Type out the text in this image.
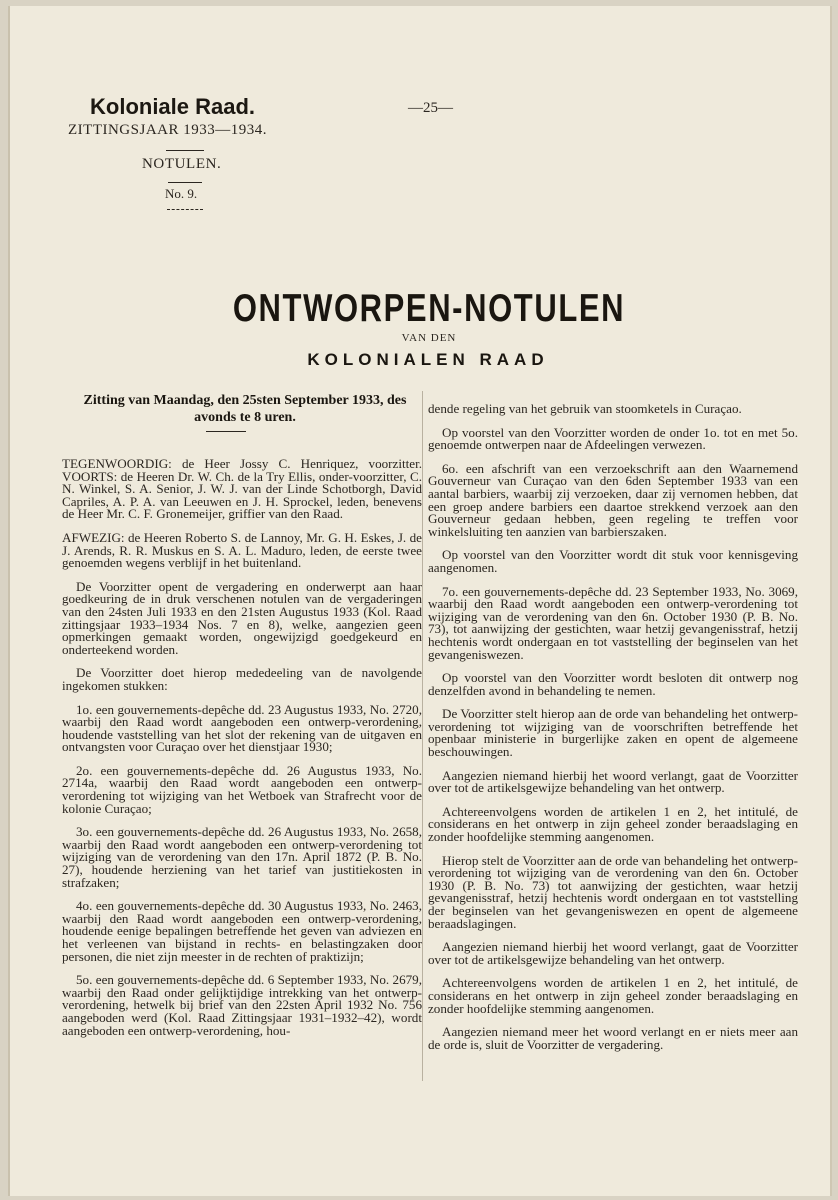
Koloniale Raad.

ZITTINGSJAAR 1933—1934.

—25—

NOTULEN.

No. 9.

ONTWORPEN-NOTULEN

VAN DEN

KOLONIALEN RAAD

Zitting van Maandag, den 25sten September 1933, des avonds te 8 uren.

TEGENWOORDIG: de Heer Jossy C. Henriquez, voorzitter. VOORTS: de Heeren Dr. W. Ch. de la Try Ellis, onder-voorzitter, C. N. Winkel, S. A. Senior, J. W. J. van der Linde Schotborgh, David Capriles, A. P. A. van Leeuwen en J. H. Sprockel, leden, benevens de Heer Mr. C. F. Gronemeijer, griffier van den Raad.

AFWEZIG: de Heeren Roberto S. de Lannoy, Mr. G. H. Eskes, J. de J. Arends, R. R. Muskus en S. A. L. Maduro, leden, de eerste twee genoemden wegens verblijf in het buitenland.

De Voorzitter opent de vergadering en onderwerpt aan haar goedkeuring de in druk verschenen notulen van de vergaderingen van den 24sten Juli 1933 en den 21sten Augustus 1933 (Kol. Raad zittingsjaar 1933–1934 Nos. 7 en 8), welke, aangezien geen opmerkingen gemaakt worden, ongewijzigd goedgekeurd en onderteekend worden.

De Voorzitter doet hierop mededeeling van de navolgende ingekomen stukken:

1o. een gouvernements-depêche dd. 23 Augustus 1933, No. 2720, waarbij den Raad wordt aangeboden een ontwerp-verordening, houdende vaststelling van het slot der rekening van de uitgaven en ontvangsten voor Curaçao over het dienstjaar 1930;

2o. een gouvernements-depêche dd. 26 Augustus 1933, No. 2714a, waarbij den Raad wordt aangeboden een ontwerp-verordening tot wijziging van het Wetboek van Strafrecht voor de kolonie Curaçao;

3o. een gouvernements-depêche dd. 26 Augustus 1933, No. 2658, waarbij den Raad wordt aangeboden een ontwerp-verordening tot wijziging van de verordening van den 17n. April 1872 (P. B. No. 27), houdende herziening van het tarief van justitiekosten in strafzaken;

4o. een gouvernements-depêche dd. 30 Augustus 1933, No. 2463, waarbij den Raad wordt aangeboden een ontwerp-verordening, houdende eenige bepalingen betreffende het geven van adviezen en het verleenen van bijstand in rechts- en belastingzaken door personen, die niet zijn meester in de rechten of praktizijn;

5o. een gouvernements-depêche dd. 6 September 1933, No. 2679, waarbij den Raad onder gelijktijdige intrekking van het ontwerp-verordening, hetwelk bij brief van den 22sten April 1932 No. 756 aangeboden werd (Kol. Raad Zittingsjaar 1931–1932–42), wordt aangeboden een ontwerp-verordening, hou-

dende regeling van het gebruik van stoomketels in Curaçao.

Op voorstel van den Voorzitter worden de onder 1o. tot en met 5o. genoemde ontwerpen naar de Afdeelingen verwezen.

6o. een afschrift van een verzoekschrift aan den Waarnemend Gouverneur van Curaçao van den 6den September 1933 van een aantal barbiers, waarbij zij verzoeken, daar zij vernomen hebben, dat een groep andere barbiers een daartoe strekkend verzoek aan den Gouverneur gedaan hebben, geen regeling te treffen voor winkelsluiting ten aanzien van barbierszaken.

Op voorstel van den Voorzitter wordt dit stuk voor kennisgeving aangenomen.

7o. een gouvernements-depêche dd. 23 September 1933, No. 3069, waarbij den Raad wordt aangeboden een ontwerp-verordening tot wijziging van de verordening van den 6n. October 1930 (P. B. No. 73), tot aanwijzing der gestichten, waar hetzij gevangenisstraf, hetzij hechtenis wordt ondergaan en tot vaststelling der beginselen van het gevangeniswezen.

Op voorstel van den Voorzitter wordt besloten dit ontwerp nog denzelfden avond in behandeling te nemen.

De Voorzitter stelt hierop aan de orde van behandeling het ontwerp-verordening tot wijziging van de voorschriften betreffende het openbaar ministerie in burgerlijke zaken en opent de algemeene beschouwingen.

Aangezien niemand hierbij het woord verlangt, gaat de Voorzitter over tot de artikelsgewijze behandeling van het ontwerp.

Achtereenvolgens worden de artikelen 1 en 2, het intitulé, de considerans en het ontwerp in zijn geheel zonder beraadslaging en zonder hoofdelijke stemming aangenomen.

Hierop stelt de Voorzitter aan de orde van behandeling het ontwerp-verordening tot wijziging van de verordening van den 6n. October 1930 (P. B. No. 73) tot aanwijzing der gestichten, waar hetzij gevangenisstraf, hetzij hechtenis wordt ondergaan en tot vaststelling der beginselen van het gevangeniswezen en opent de algemeene beraadslagingen.

Aangezien niemand hierbij het woord verlangt, gaat de Voorzitter over tot de artikelsgewijze behandeling van het ontwerp.

Achtereenvolgens worden de artikelen 1 en 2, het intitulé, de considerans en het ontwerp in zijn geheel zonder beraadslaging en zonder hoofdelijke stemming aangenomen.

Aangezien niemand meer het woord verlangt en er niets meer aan de orde is, sluit de Voorzitter de vergadering.
